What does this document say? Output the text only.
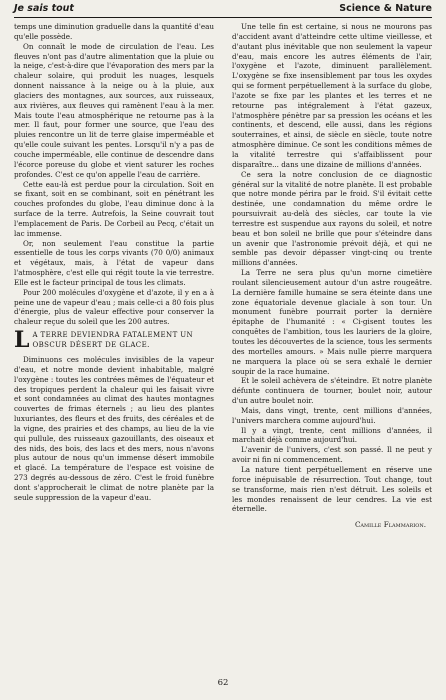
Je sais tout	Science & Nature

temps une diminution graduelle dans la quantité d'eau qu'elle possède.

On connaît le mode de circulation de l'eau. Les fleuves n'ont pas d'autre alimentation que la pluie ou la neige, c'est-à-dire que l'évaporation des mers par la chaleur solaire, qui produit les nuages, lesquels donnent naissance à la neige ou à la pluie, aux glaciers des montagnes, aux sources, aux ruisseaux, aux rivières, aux fleuves qui ramènent l'eau à la mer. Mais toute l'eau atmosphérique ne retourne pas à la mer. Il faut, pour former une source, que l'eau des pluies rencontre un lit de terre glaise imperméable et qu'elle coule suivant les pentes. Lorsqu'il n'y a pas de couche imperméable, elle continue de descendre dans l'écorce poreuse du globe et vient saturer les roches profondes. C'est ce qu'on appelle l'eau de carrière.

Cette eau-là est perdue pour la circulation. Soit en se fixant, soit en se combinant, soit en pénétrant les couches profondes du globe, l'eau diminue donc à la surface de la terre. Autrefois, la Seine couvrait tout l'emplacement de Paris. De Corbeil au Pecq, c'était un lac immense.

Or, non seulement l'eau constitue la partie essentielle de tous les corps vivants (70 0/0) animaux et végétaux, mais, à l'état de vapeur dans l'atmosphère, c'est elle qui régit toute la vie terrestre. Elle est le facteur principal de tous les climats.

Pour 200 molécules d'oxygène et d'azote, il y en a à peine une de vapeur d'eau ; mais celle-ci a 80 fois plus d'énergie, plus de valeur effective pour conserver la chaleur reçue du soleil que les 200 autres.

L A TERRE DEVIENDRA FATALEMENT UN OBSCUR DÉSERT DE GLACE.

Diminuons ces molécules invisibles de la vapeur d'eau, et notre monde devient inhabitable, malgré l'oxygène : toutes les contrées mêmes de l'équateur et des tropiques perdent la chaleur qui les faisait vivre et sont condamnées au climat des hautes montagnes couvertes de frimas éternels ; au lieu des plantes luxuriantes, des fleurs et des fruits, des céréales et de la vigne, des prairies et des champs, au lieu de la vie qui pullule, des ruisseaux gazouillants, des oiseaux et des nids, des bois, des lacs et des mers, nous n'avons plus autour de nous qu'un immense désert immobile et glacé. La température de l'espace est voisine de 273 degrés au-dessous de zéro. C'est le froid funèbre dont s'approcherait le climat de notre planète par la seule suppression de la vapeur d'eau.

Une telle fin est certaine, si nous ne mourons pas d'accident avant d'atteindre cette ultime vieillesse, et d'autant plus inévitable que non seulement la vapeur d'eau, mais encore les autres éléments de l'air, l'oxygène et l'azote, diminuent parallèlement. L'oxygène se fixe insensiblement par tous les oxydes qui se forment perpétuellement à la surface du globe, l'azote se fixe par les plantes et les terres et ne retourne pas intégralement à l'état gazeux, l'atmosphère pénètre par sa pression les océans et les continents, et descend, elle aussi, dans les régions souterraines, et ainsi, de siècle en siècle, toute notre atmosphère diminue. Ce sont les conditions mêmes de la vitalité terrestre qui s'affaiblissent pour disparaître... dans une dizaine de millions d'années.

Ce sera la notre conclusion de ce diagnostic général sur la vitalité de notre planète. Il est probable que notre monde périra par le froid. S'il évitait cette destinée, une condamnation du même ordre le poursuivrait au-delà des siècles, car toute la vie terrestre est suspendue aux rayons du soleil, et notre beau et bon soleil ne brille que pour s'éteindre dans un avenir que l'astronomie prévoit déjà, et qui ne semble pas devoir dépasser vingt-cinq ou trente millions d'années.

La Terre ne sera plus qu'un morne cimetière roulant silencieusement autour d'un astre rougeâtre. La dernière famille humaine se sera éteinte dans une zone équatoriale devenue glaciale à son tour. Un monument funèbre pourrait porter la dernière épitaphe de l'humanité : « Ci-gisent toutes les conquêtes de l'ambition, tous les lauriers de la gloire, toutes les découvertes de la science, tous les serments des mortelles amours. » Mais nulle pierre marquera ne marquera la place où se sera exhalé le dernier soupir de la race humaine.

Et le soleil achèvera de s'éteindre. Et notre planète défunte continuera de tourner, boulet noir, autour d'un autre boulet noir.

Mais, dans vingt, trente, cent millions d'années, l'univers marchera comme aujourd'hui.

Il y a vingt, trente, cent millions d'années, il marchait déjà comme aujourd'hui.

L'avenir de l'univers, c'est son passé. Il ne peut y avoir ni fin ni commencement.

La nature tient perpétuellement en réserve une force inépuisable de résurrection. Tout change, tout se transforme, mais rien n'est détruit. Les soleils et les mondes renaissent de leur cendres. La vie est éternelle.

Camille Flammarion.
62
